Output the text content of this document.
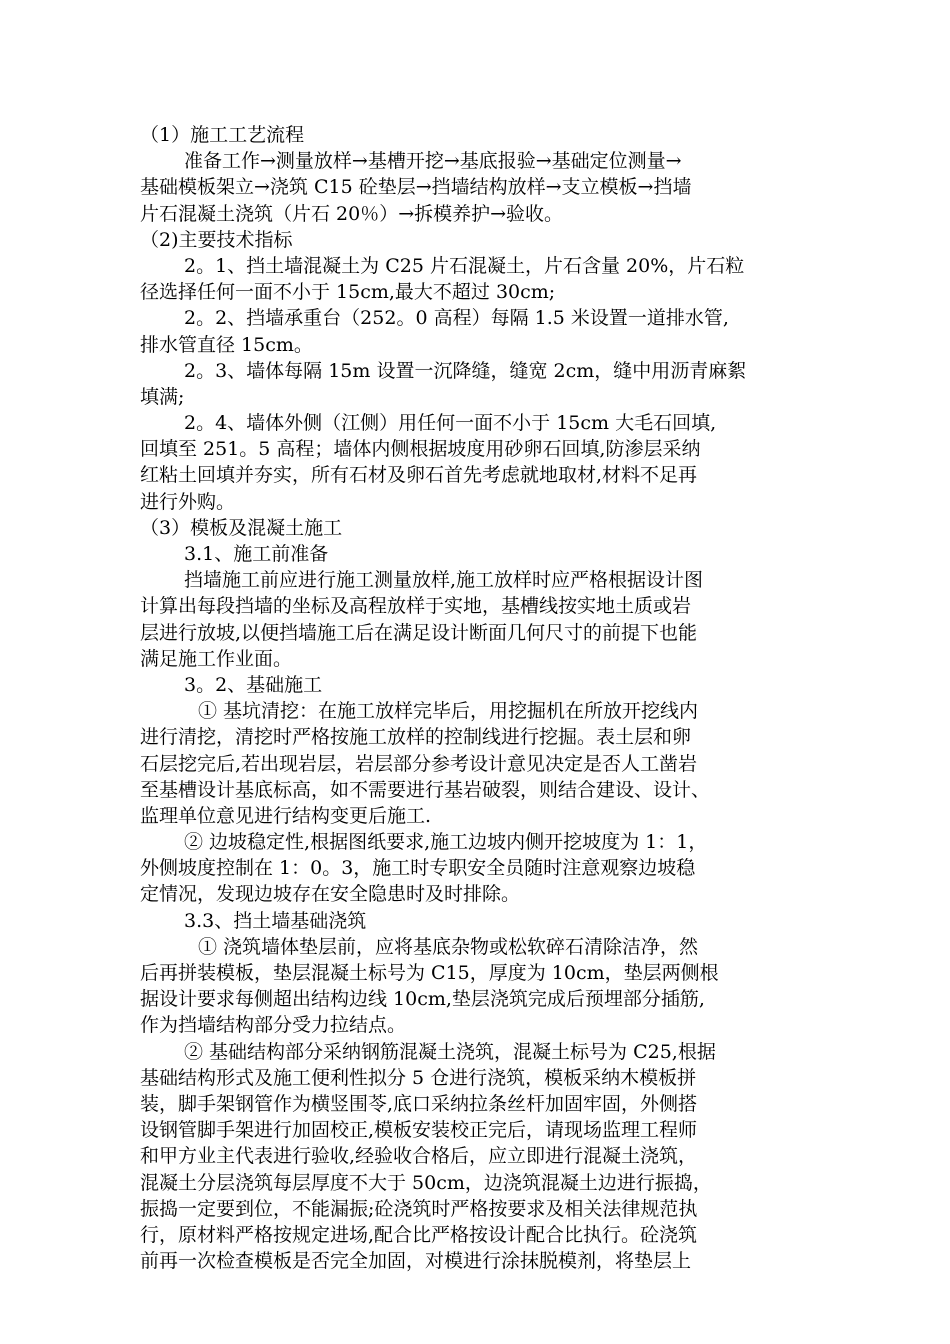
（1）施工工艺流程
准备工作→测量放样→基槽开挖→基底报验→基础定位测量→
基础模板架立→浇筑 C15 砼垫层→挡墙结构放样→支立模板→挡墙
片石混凝土浇筑（片石 20％）→拆模养护→验收。
（2)主要技术指标
2。1、挡土墙混凝土为 C25 片石混凝土，片石含量 20%，片石粒
径选择任何一面不小于 15cm,最大不超过 30cm;
2。2、挡墙承重台（252。0 高程）每隔 1.5 米设置一道排水管,
排水管直径 15cm。
2。3、墙体每隔 15m 设置一沉降缝，缝宽 2cm，缝中用沥青麻絮
填满;
2。4、墙体外侧（江侧）用任何一面不小于 15cm 大毛石回填,
回填至 251。5 高程；墙体内侧根据坡度用砂卵石回填,防渗层采纳
红粘土回填并夯实，所有石材及卵石首先考虑就地取材,材料不足再
进行外购。
（3）模板及混凝土施工
3.1、施工前准备
挡墙施工前应进行施工测量放样,施工放样时应严格根据设计图
计算出每段挡墙的坐标及高程放样于实地，基槽线按实地土质或岩
层进行放坡,以便挡墙施工后在满足设计断面几何尺寸的前提下也能
满足施工作业面。
3。2、基础施工
① 基坑清挖：在施工放样完毕后，用挖掘机在所放开挖线内
进行清挖，清挖时严格按施工放样的控制线进行挖掘。表土层和卵
石层挖完后,若出现岩层，岩层部分参考设计意见决定是否人工凿岩
至基槽设计基底标高，如不需要进行基岩破裂，则结合建设、设计、
监理单位意见进行结构变更后施工.
② 边坡稳定性,根据图纸要求,施工边坡内侧开挖坡度为 1：1，
外侧坡度控制在 1：0。3，施工时专职安全员随时注意观察边坡稳
定情况，发现边坡存在安全隐患时及时排除。
3.3、挡土墙基础浇筑
① 浇筑墙体垫层前，应将基底杂物或松软碎石清除洁净，然
后再拼装模板，垫层混凝土标号为 C15，厚度为 10cm，垫层两侧根
据设计要求每侧超出结构边线 10cm,垫层浇筑完成后预埋部分插筋,
作为挡墙结构部分受力拉结点。
② 基础结构部分采纳钢筋混凝土浇筑，混凝土标号为 C25,根据
基础结构形式及施工便利性拟分 5 仓进行浇筑，模板采纳木模板拼
装，脚手架钢管作为横竖围苓,底口采纳拉条丝杆加固牢固，外侧搭
设钢管脚手架进行加固校正,模板安装校正完后，请现场监理工程师
和甲方业主代表进行验收,经验收合格后，应立即进行混凝土浇筑，
混凝土分层浇筑每层厚度不大于 50cm，边浇筑混凝土边进行振捣，
振捣一定要到位，不能漏振;砼浇筑时严格按要求及相关法律规范执
行，原材料严格按规定进场,配合比严格按设计配合比执行。砼浇筑
前再一次检查模板是否完全加固，对模进行涂抹脱模剂，将垫层上
